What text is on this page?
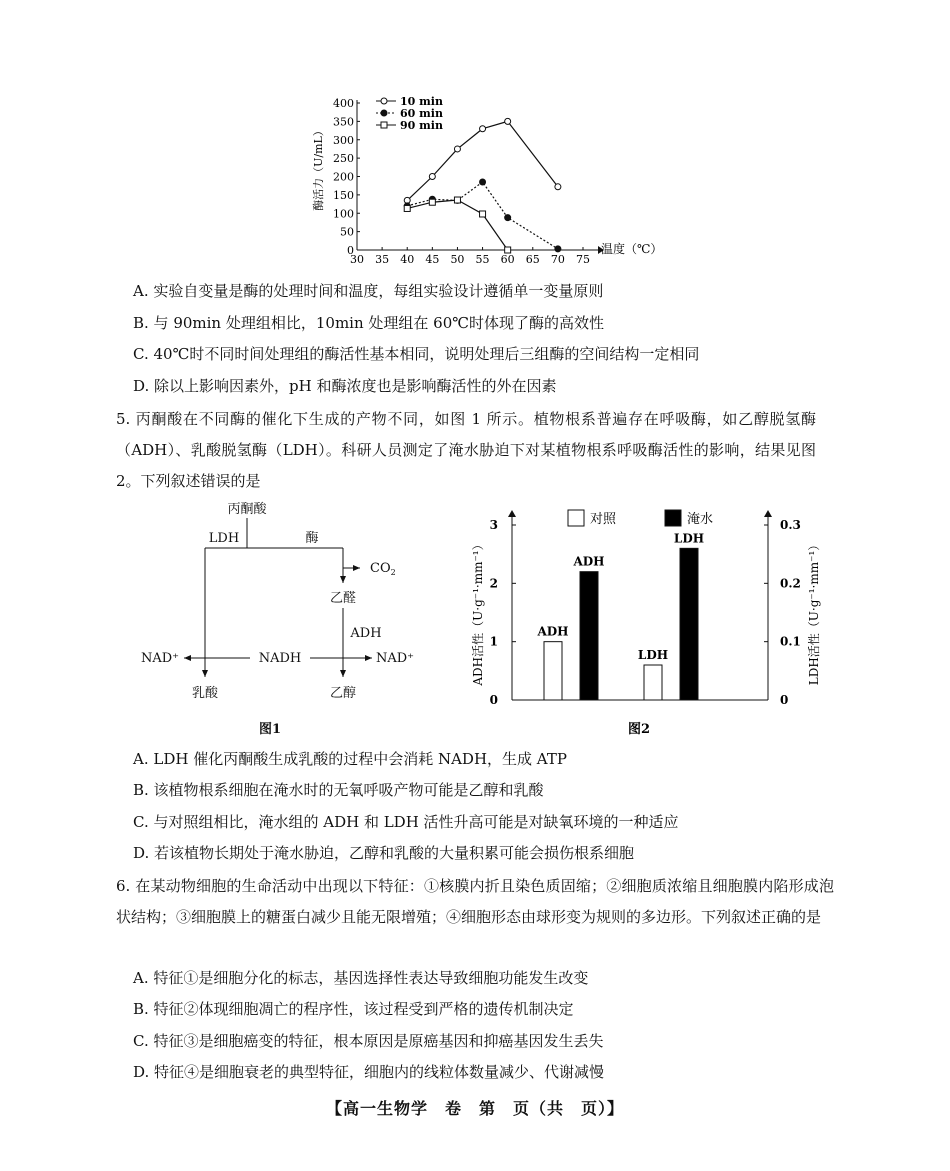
30 35 40 45 50 55 60 65 70 75
0
50
100
150
200
250
300
350
400	10 min
60 min
90 min
酶活力（U/mL）
温度（℃）
A. 实验自变量是酶的处理时间和温度，每组实验设计遵循单一变量原则
B. 与 90min 处理组相比，10min 处理组在 60℃时体现了酶的高效性
C. 40℃时不同时间处理组的酶活性基本相同，说明处理后三组酶的空间结构一定相同
D. 除以上影响因素外，pH 和酶浓度也是影响酶活性的外在因素
5. 丙酮酸在不同酶的催化下生成的产物不同，如图 1 所示。植物根系普遍存在呼吸酶，如乙醇脱氢酶（ADH）、乳酸脱氢酶（LDH）。科研人员测定了淹水胁迫下对某植物根系呼吸酶活性的影响，结果见图 2。下列叙述错误的是
丙酮酸
LDH	酶
$CO_2$
乙醛
ADH
NAD⁺	NADH	NAD⁺
乳酸	乙醇
图1
0
1
2
3
0
0.1
0.2
0.3
ADH
ADH
LDH
LDH
对照	淹水
ADH活性（U·g⁻¹·mm⁻¹）	LDH活性（U·g⁻¹·mm⁻¹）
图2
A. LDH 催化丙酮酸生成乳酸的过程中会消耗 NADH，生成 ATP
B. 该植物根系细胞在淹水时的无氧呼吸产物可能是乙醇和乳酸
C. 与对照组相比，淹水组的 ADH 和 LDH 活性升高可能是对缺氧环境的一种适应
D. 若该植物长期处于淹水胁迫，乙醇和乳酸的大量积累可能会损伤根系细胞
6. 在某动物细胞的生命活动中出现以下特征：①核膜内折且染色质固缩；②细胞质浓缩且细胞膜内陷形成泡状结构；③细胞膜上的糖蛋白减少且能无限增殖；④细胞形态由球形变为规则的多边形。下列叙述正确的是
A. 特征①是细胞分化的标志，基因选择性表达导致细胞功能发生改变
B. 特征②体现细胞凋亡的程序性，该过程受到严格的遗传机制决定
C. 特征③是细胞癌变的特征，根本原因是原癌基因和抑癌基因发生丢失
D. 特征④是细胞衰老的典型特征，细胞内的线粒体数量减少、代谢减慢
【高一生物学　卷　第　页（共　页）】
